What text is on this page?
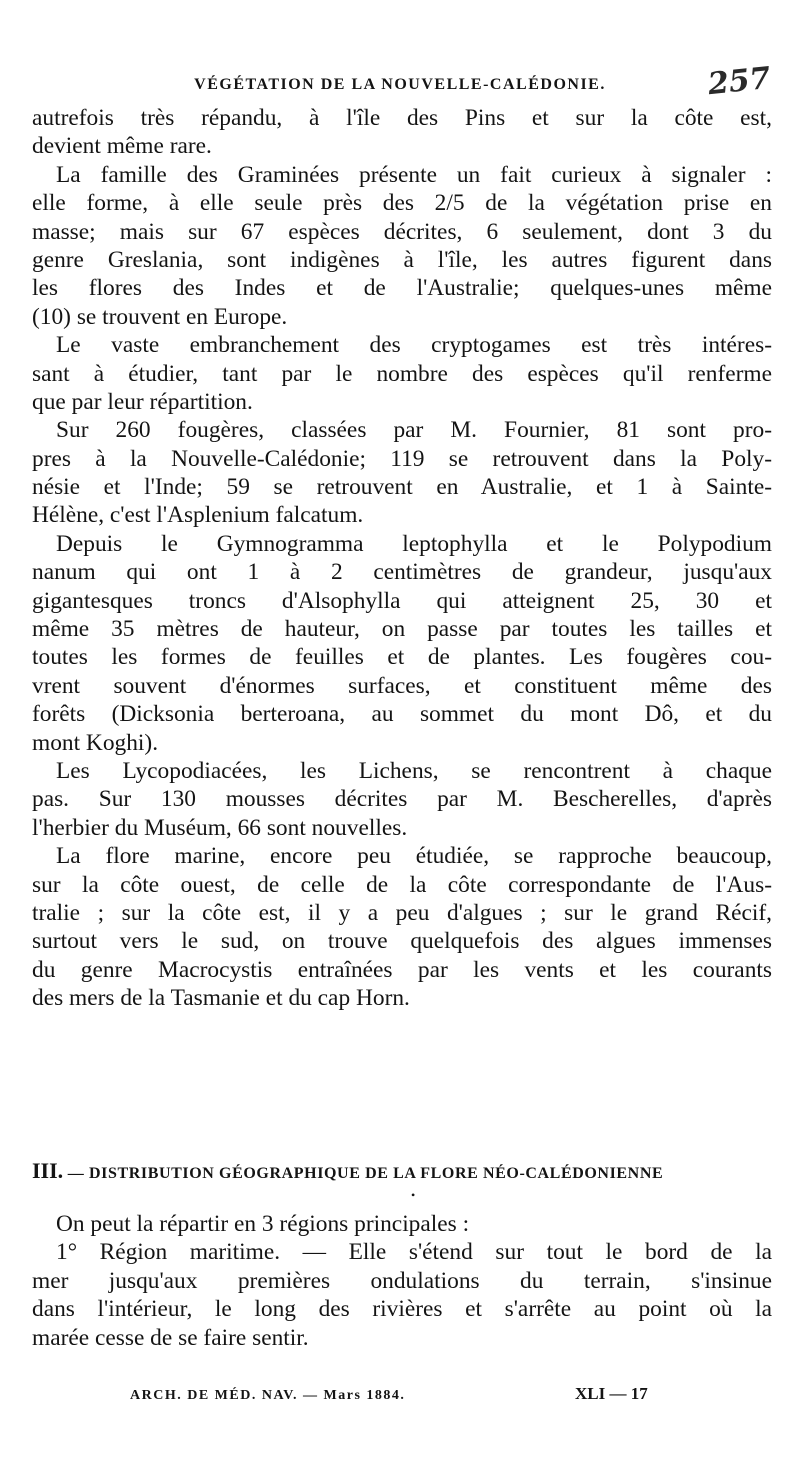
VÉGÉTATION DE LA NOUVELLE-CALÉDONIE.	257
autrefois très répandu, à l'île des Pins et sur la côte est,
devient même rare.
La famille des Graminées présente un fait curieux à signaler :
elle forme, à elle seule près des 2/5 de la végétation prise en
masse; mais sur 67 espèces décrites, 6 seulement, dont 3 du
genre Greslania, sont indigènes à l'île, les autres figurent dans
les flores des Indes et de l'Australie; quelques-unes même
(10) se trouvent en Europe.
Le vaste embranchement des cryptogames est très intéres-
sant à étudier, tant par le nombre des espèces qu'il renferme
que par leur répartition.
Sur 260 fougères, classées par M. Fournier, 81 sont pro-
pres à la Nouvelle-Calédonie; 119 se retrouvent dans la Poly-
nésie et l'Inde; 59 se retrouvent en Australie, et 1 à Sainte-
Hélène, c'est l'Asplenium falcatum.
Depuis le Gymnogramma leptophylla et le Polypodium
nanum qui ont 1 à 2 centimètres de grandeur, jusqu'aux
gigantesques troncs d'Alsophylla qui atteignent 25, 30 et
même 35 mètres de hauteur, on passe par toutes les tailles et
toutes les formes de feuilles et de plantes. Les fougères cou-
vrent souvent d'énormes surfaces, et constituent même des
forêts (Dicksonia berteroana, au sommet du mont Dô, et du
mont Koghi).
Les Lycopodiacées, les Lichens, se rencontrent à chaque
pas. Sur 130 mousses décrites par M. Bescherelles, d'après
l'herbier du Muséum, 66 sont nouvelles.
La flore marine, encore peu étudiée, se rapproche beaucoup,
sur la côte ouest, de celle de la côte correspondante de l'Aus-
tralie ; sur la côte est, il y a peu d'algues ; sur le grand Récif,
surtout vers le sud, on trouve quelquefois des algues immenses
du genre Macrocystis entraînées par les vents et les courants
des mers de la Tasmanie et du cap Horn.
III. — DISTRIBUTION GÉOGRAPHIQUE DE LA FLORE NÉO-CALÉDONIENNE
•
On peut la répartir en 3 régions principales :
1° Région maritime. — Elle s'étend sur tout le bord de la
mer jusqu'aux premières ondulations du terrain, s'insinue
dans l'intérieur, le long des rivières et s'arrête au point où la
marée cesse de se faire sentir.
ARCH. DE MÉD. NAV. — Mars 1884.	XLI — 17
